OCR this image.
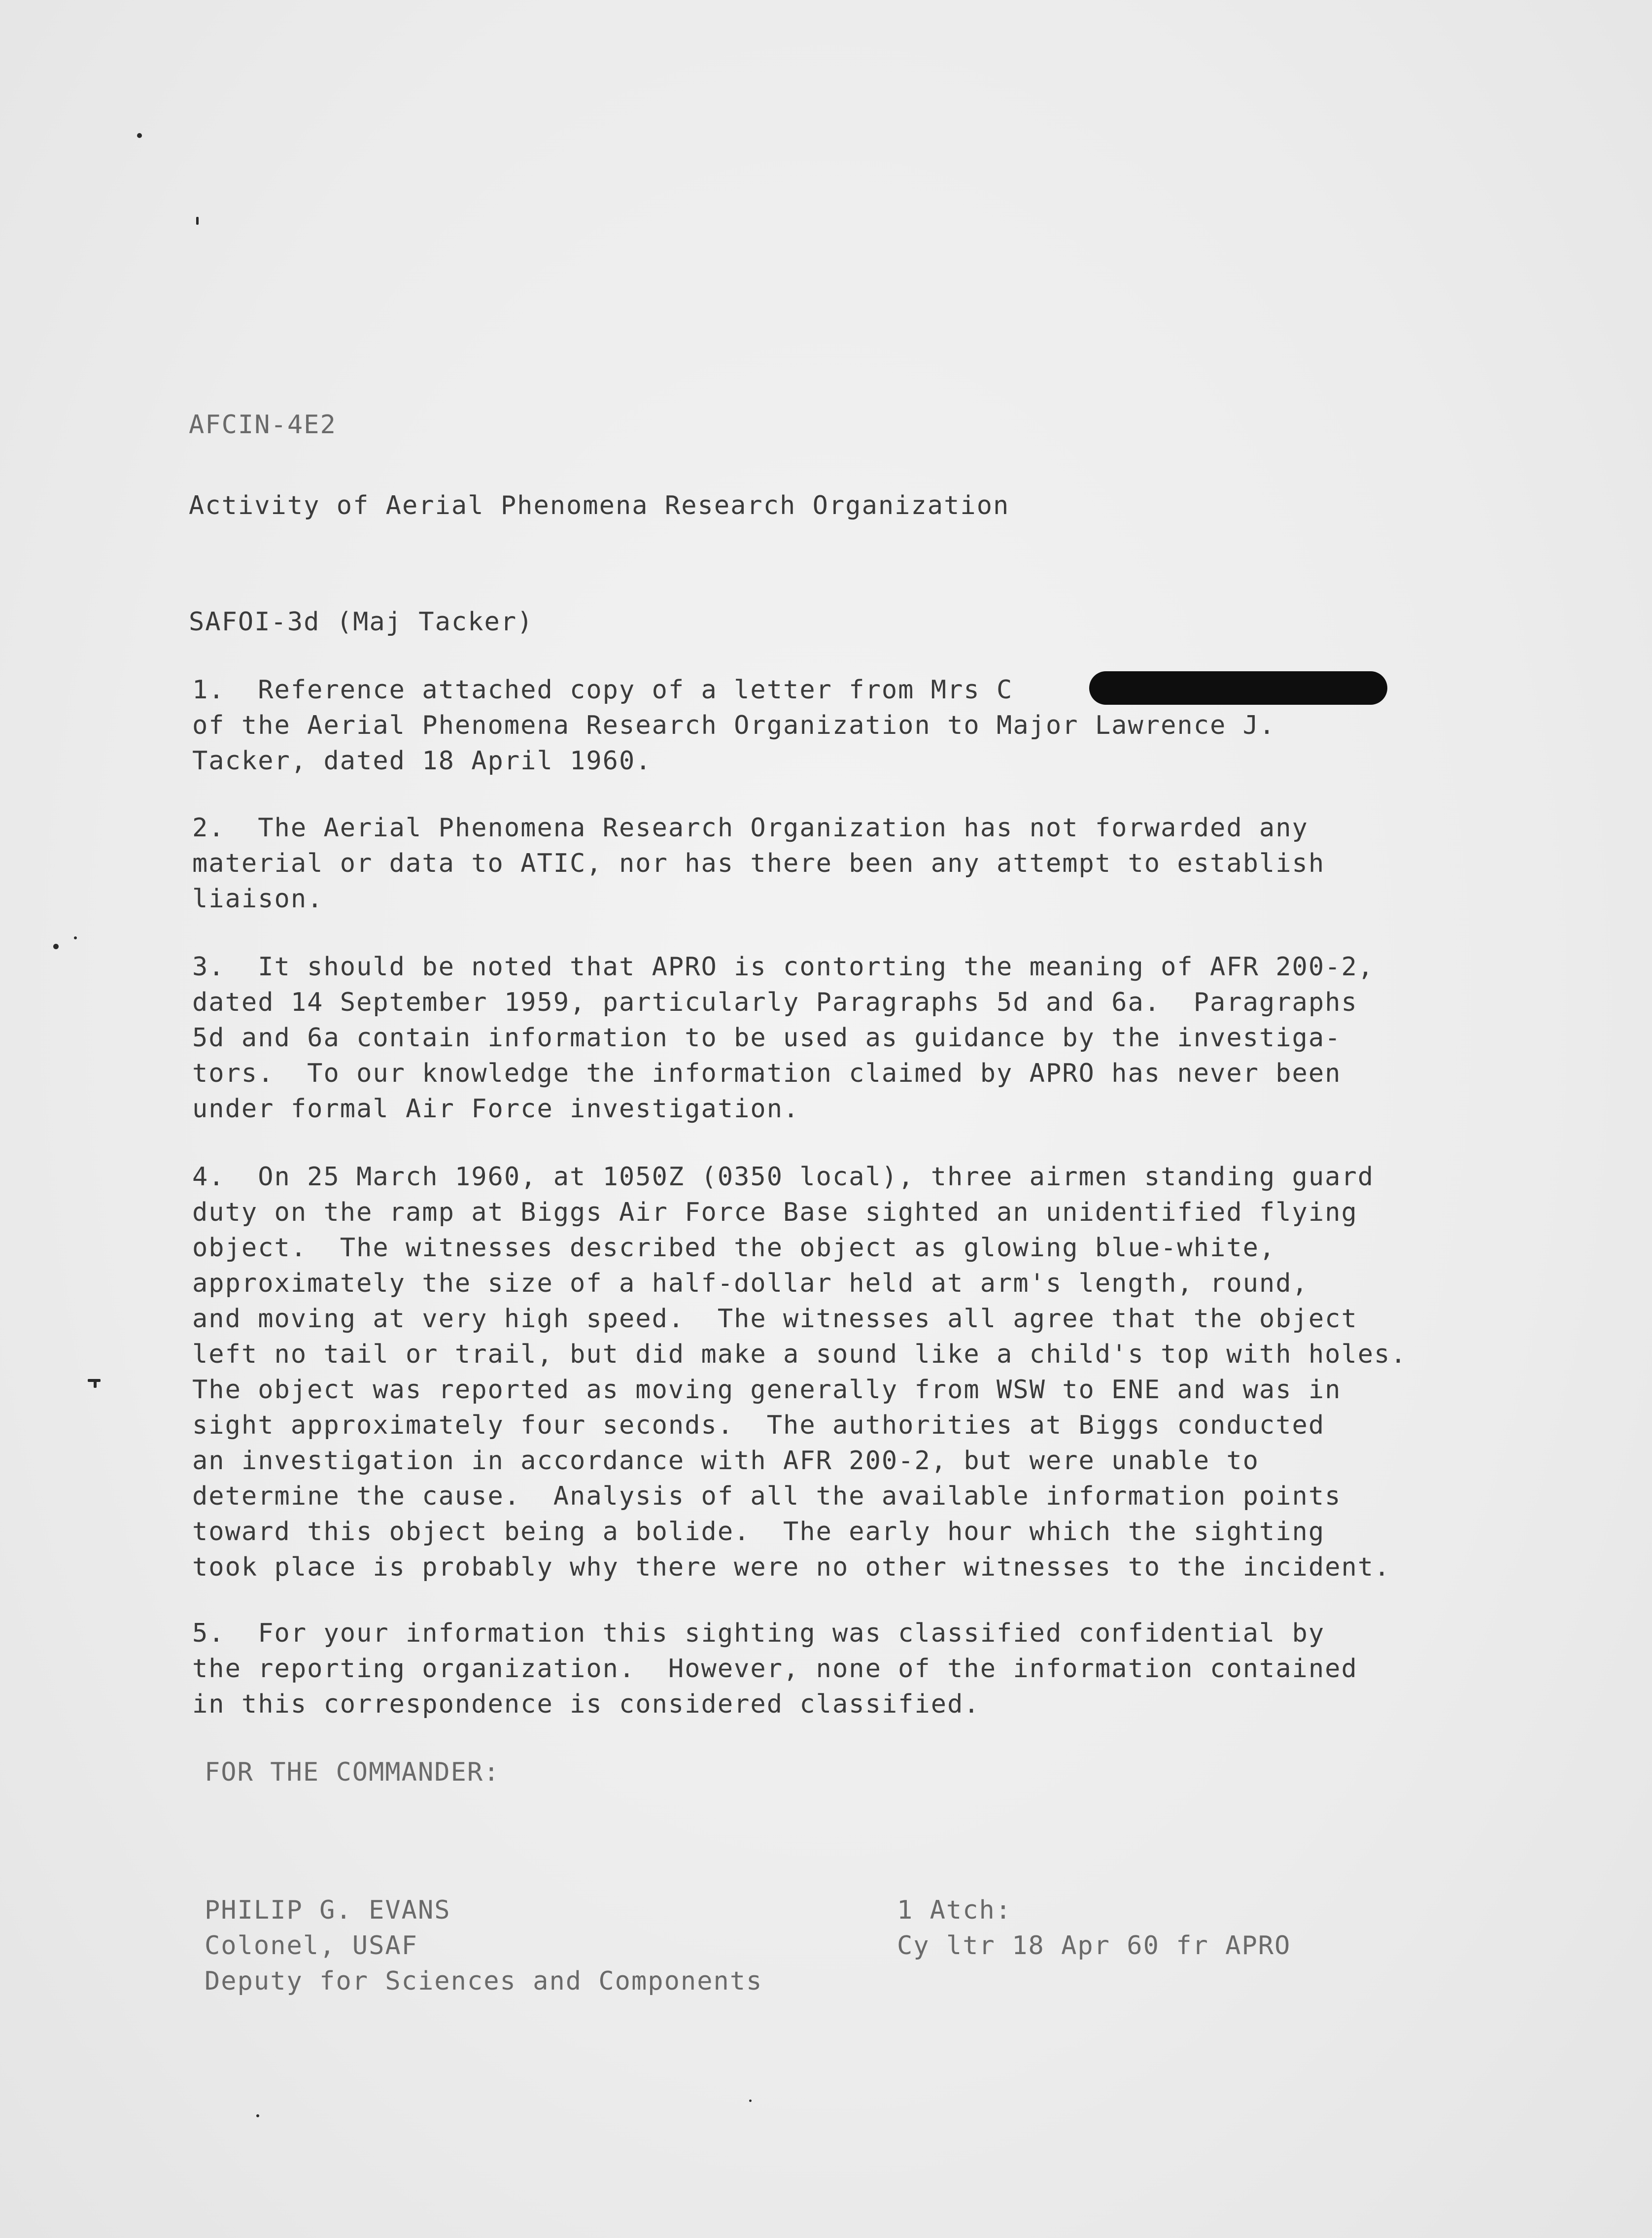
AFCIN-4E2
Activity of Aerial Phenomena Research Organization
SAFOI-3d (Maj Tacker)
1.  Reference attached copy of a letter from Mrs C
of the Aerial Phenomena Research Organization to Major Lawrence J.
Tacker, dated 18 April 1960.
2.  The Aerial Phenomena Research Organization has not forwarded any
material or data to ATIC, nor has there been any attempt to establish
liaison.
3.  It should be noted that APRO is contorting the meaning of AFR 200-2,
dated 14 September 1959, particularly Paragraphs 5d and 6a.  Paragraphs
5d and 6a contain information to be used as guidance by the investiga-
tors.  To our knowledge the information claimed by APRO has never been
under formal Air Force investigation.
4.  On 25 March 1960, at 1050Z (0350 local), three airmen standing guard
duty on the ramp at Biggs Air Force Base sighted an unidentified flying
object.  The witnesses described the object as glowing blue-white,
approximately the size of a half-dollar held at arm's length, round,
and moving at very high speed.  The witnesses all agree that the object
left no tail or trail, but did make a sound like a child's top with holes.
The object was reported as moving generally from WSW to ENE and was in
sight approximately four seconds.  The authorities at Biggs conducted
an investigation in accordance with AFR 200-2, but were unable to
determine the cause.  Analysis of all the available information points
toward this object being a bolide.  The early hour which the sighting
took place is probably why there were no other witnesses to the incident.
5.  For your information this sighting was classified confidential by
the reporting organization.  However, none of the information contained
in this correspondence is considered classified.
FOR THE COMMANDER:
PHILIP G. EVANS
Colonel, USAF
Deputy for Sciences and Components
1 Atch:
Cy ltr 18 Apr 60 fr APRO
